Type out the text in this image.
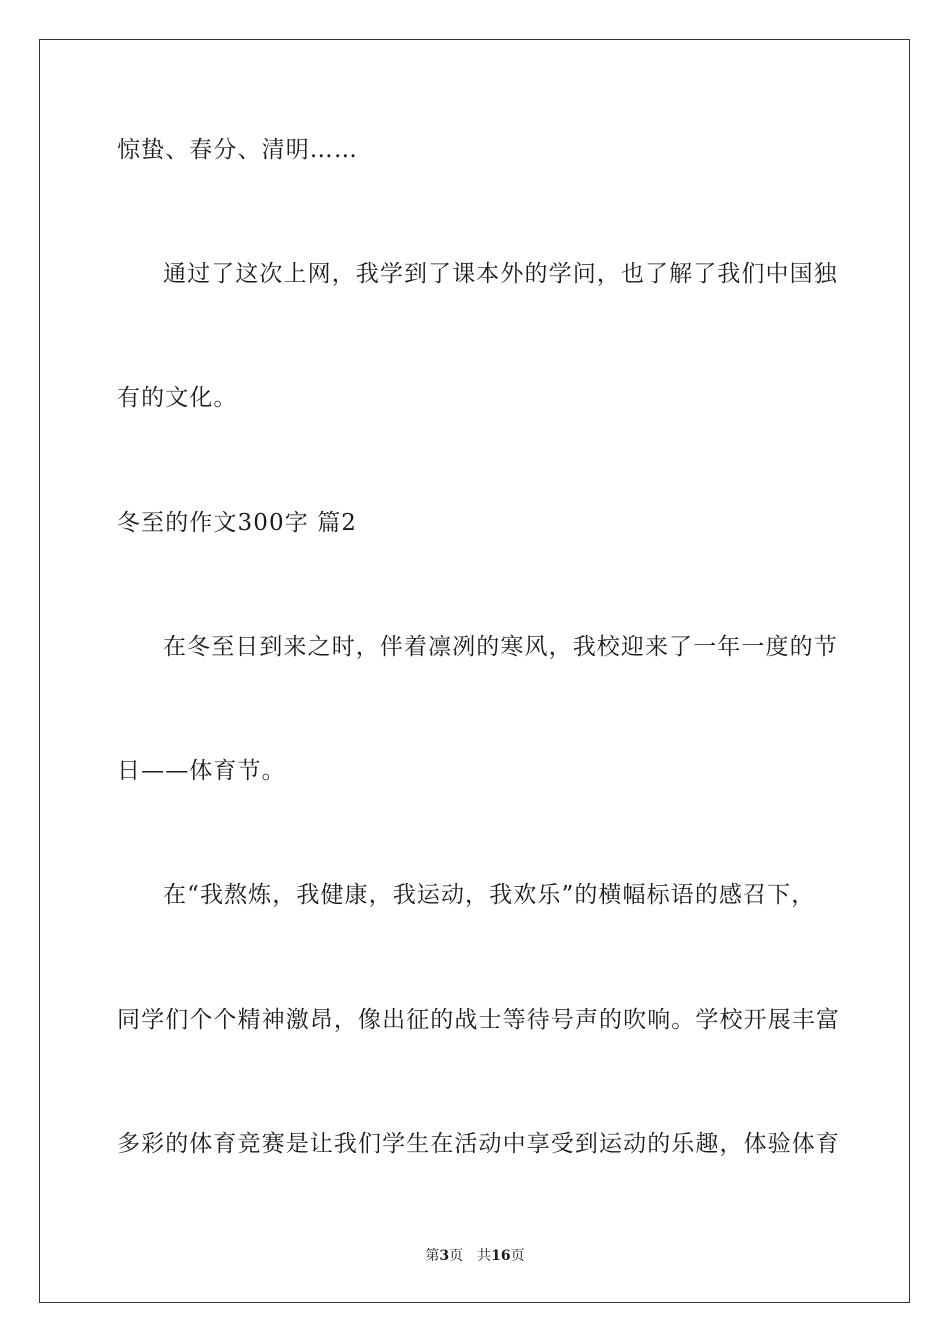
惊蛰、春分、清明……
通过了这次上网，我学到了课本外的学问，也了解了我们中国独
有的文化。
冬至的作文300字 篇2
在冬至日到来之时，伴着凛冽的寒风，我校迎来了一年一度的节
日——体育节。
在“我熬炼，我健康，我运动，我欢乐”的横幅标语的感召下，
同学们个个精神激昂，像出征的战士等待号声的吹响。学校开展丰富
多彩的体育竞赛是让我们学生在活动中享受到运动的乐趣，体验体育
第3页　共16页
